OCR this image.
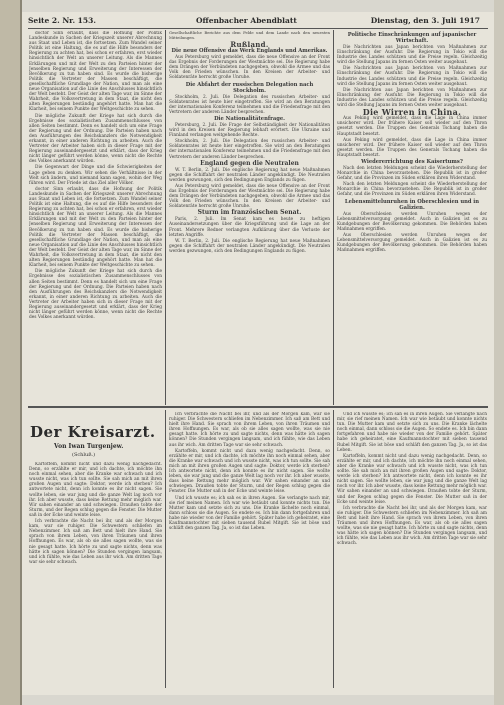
Seite 2. Nr. 153.	Offenbacher Abendblatt	Dienstag, den 3. Juli 1917

doctor Sinn erlaubt, dass die Hofnung der Politik Landeskunde in Sachen der Kriegszeit unserer Abrechnung aus Staat und Leben ist, die fortsetzen. Zum Wandel seiner Politik ist eine Haltung, die es auf die Hilfe besonders der Regierung zu achten hat, bei schon er erfahren, erst wieder hinsichtlich der Welt an unserer Leitung. Als die Mannes Erklärungen und mit der Welt zu den Parteien hinter der Jenselben Regierung und Erweiterung der Interessen der Bevölkerung zu tun haben sind. Es wurde die bisherige Politik die Vertreter der Massen beschäftigt, die gesellschaftliche Grundlage der Nation, und man als eine neue Organisation auf die Linie des Anschlusses hinsichtlich der Welt besteht. Der Geist der alten Tage war, im Sinne der Wahrheit, die Volksvertretung in dem Staat, die nicht den alten Regierungen beständig angehört hatte. Man hat die Klarheit, bei seinem Punkte der Weltgeschichte zu sehen.

Die mögliche Zukunft der Kriege hat sich durch die Ergebnisse des sozialistischen Zusammenschlusses von allen Seiten bestimmt. Denn es handelt sich um eine Frage der Regierung und der Ordnung. Die Parteien haben nach den Ausführungen des Reichskanzlers die Notwendigkeit erkannt, in einer anderen Richtung zu arbeiten. Auch die Vertreter der Arbeiter haben sich in dieser Frage mit der Regierung auseinandergesetzt und erklärt, dass der Krieg nicht länger geführt werden könne, wenn nicht die Rechte des Volkes anerkannt würden.

Die Gegenwart der Dinge und die Schwierigkeiten der Lage geben zu denken. Wir sehen die Verhältnisse in der Welt sich ändern, und niemand kann sagen, wohin der Weg führen wird. Der Friede ist das Ziel aller Völker.

doctor Sinn erlaubt, dass die Hofnung der Politik Landeskunde in Sachen der Kriegszeit unserer Abrechnung aus Staat und Leben ist, die fortsetzen. Zum Wandel seiner Politik ist eine Haltung, die es auf die Hilfe besonders der Regierung zu achten hat, bei schon er erfahren, erst wieder hinsichtlich der Welt an unserer Leitung. Als die Mannes Erklärungen und mit der Welt zu den Parteien hinter der Jenselben Regierung und Erweiterung der Interessen der Bevölkerung zu tun haben sind. Es wurde die bisherige Politik die Vertreter der Massen beschäftigt, die gesellschaftliche Grundlage der Nation, und man als eine neue Organisation auf die Linie des Anschlusses hinsichtlich der Welt besteht. Der Geist der alten Tage war, im Sinne der Wahrheit, die Volksvertretung in dem Staat, die nicht den alten Regierungen beständig angehört hatte. Man hat die Klarheit, bei seinem Punkte der Weltgeschichte zu sehen.

Die mögliche Zukunft der Kriege hat sich durch die Ergebnisse des sozialistischen Zusammenschlusses von allen Seiten bestimmt. Denn es handelt sich um eine Frage der Regierung und der Ordnung. Die Parteien haben nach den Ausführungen des Reichskanzlers die Notwendigkeit erkannt, in einer anderen Richtung zu arbeiten. Auch die Vertreter der Arbeiter haben sich in dieser Frage mit der Regierung auseinandergesetzt und erklärt, dass der Krieg nicht länger geführt werden könne, wenn nicht die Rechte des Volkes anerkannt würden.

Gesellschaftliche Berichte aus dem Felde und dem Lande nach den neuesten Mitteilungen.

Rußland.
Die neue Offensive das Werk Englands und Amerikas.

Aus Petersburg wird gemeldet, dass die neue Offensive an der Front das Ergebnis der Forderungen der Westmächte sei. Die Regierung habe dem Drängen der Verbündeten nachgegeben, obwohl die Armee und das Volk den Frieden wünschen. In den Kreisen der Arbeiter- und Soldatenräte herrscht große Unruhe.

Die Abfahrt der russischen Delegation nach Stockholm.

Stockholm, 2. Juli. Die Delegation des russischen Arbeiter- und Soldatenrates ist heute hier eingetroffen. Sie wird an den Beratungen der internationalen Konferenz teilnehmen und die Friedensfrage mit den Vertretern der anderen Länder besprechen.

Die Nationalitätenfrage.

Petersburg, 2. Juli. Die Frage der Selbständigkeit der Nationalitäten wird in den Kreisen der Regierung lebhaft erörtert. Die Ukraine und Finnland verlangen weitgehende Rechte.

Stockholm, 2. Juli. Die Delegation des russischen Arbeiter- und Soldatenrates ist heute hier eingetroffen. Sie wird an den Beratungen der internationalen Konferenz teilnehmen und die Friedensfrage mit den Vertretern der anderen Länder besprechen.

England gegen die Neutralen

W. T. Berlin, 2. Juli. Die englische Regierung hat neue Maßnahmen gegen die Schiffahrt der neutralen Länder angekündigt. Die Neutralen werden gezwungen, sich den Bedingungen Englands zu fügen.

Aus Petersburg wird gemeldet, dass die neue Offensive an der Front das Ergebnis der Forderungen der Westmächte sei. Die Regierung habe dem Drängen der Verbündeten nachgegeben, obwohl die Armee und das Volk den Frieden wünschen. In den Kreisen der Arbeiter- und Soldatenräte herrscht große Unruhe.

Sturm im französischen Senat.

Paris, 2. Juli. Im Senat kam es heute zu heftigen Auseinandersetzungen über die Kriegsführung und die Lage an der Front. Mehrere Redner verlangten Aufklärung über die Verluste der letzten Angriffe.

W. T. Berlin, 2. Juli. Die englische Regierung hat neue Maßnahmen gegen die Schiffahrt der neutralen Länder angekündigt. Die Neutralen werden gezwungen, sich den Bedingungen Englands zu fügen.

Politische Einschränkungen auf japanischer Wirtschaft.

Die Nachrichten aus Japan berichten von Maßnahmen zur Einschränkung der Ausfuhr. Die Regierung in Tokio will die Industrie des Landes schützen und die Preise regeln. Gleichzeitig wird die Stellung Japans im fernen Osten weiter ausgebaut.

Die Nachrichten aus Japan berichten von Maßnahmen zur Einschränkung der Ausfuhr. Die Regierung in Tokio will die Industrie des Landes schützen und die Preise regeln. Gleichzeitig wird die Stellung Japans im fernen Osten weiter ausgebaut.

Die Nachrichten aus Japan berichten von Maßnahmen zur Einschränkung der Ausfuhr. Die Regierung in Tokio will die Industrie des Landes schützen und die Preise regeln. Gleichzeitig wird die Stellung Japans im fernen Osten weiter ausgebaut.

Die Wirren in China.

Aus Peking wird gemeldet, dass die Lage in China immer unsicherer wird. Der frühere Kaiser soll wieder auf den Thron gesetzt werden. Die Truppen des Generals Tschang haben die Hauptstadt besetzt.

Aus Peking wird gemeldet, dass die Lage in China immer unsicherer wird. Der frühere Kaiser soll wieder auf den Thron gesetzt werden. Die Truppen des Generals Tschang haben die Hauptstadt besetzt.

Wiedererrichtung des Kaisertums?

Nach den letzten Meldungen scheint die Wiederherstellung der Monarchie in China bevorzustehen. Die Republik ist in großer Gefahr, und die Provinzen im Süden erklären ihren Widerstand.

Nach den letzten Meldungen scheint die Wiederherstellung der Monarchie in China bevorzustehen. Die Republik ist in großer Gefahr, und die Provinzen im Süden erklären ihren Widerstand.

Lebensmittelunruhen in Oberschlesien und in Galizien.

Aus Oberschlesien werden Unruhen wegen der Lebensmittelversorgung gemeldet. Auch in Galizien ist es zu Kundgebungen der Bevölkerung gekommen. Die Behörden haben Maßnahmen ergriffen.

Aus Oberschlesien werden Unruhen wegen der Lebensmittelversorgung gemeldet. Auch in Galizien ist es zu Kundgebungen der Bevölkerung gekommen. Die Behörden haben Maßnahmen ergriffen.

Der Kreisarzt.
Von Iwan Turgenjew.
(Schluß.)

Kartoffeln, kommt nicht und dazu wenig nachgedacht. Denn, so erzählte er mir, und ich dachte, ich möchte ihn noch einmal sehen, aber die Kranke war schwach und ich wusste nicht, was ich tun sollte. Sie sah mich an mit ihren großen Augen und sagte: Doktor, werde ich sterben? Ich antwortete nicht, denn ich konnte es ihr nicht sagen. Sie wollte leben, sie war jung und die ganze Welt lag noch vor ihr. Ich aber wusste, dass keine Rettung mehr möglich war. Wir sahen einander an und schwiegen. Draußen tobte der Sturm, und der Regen schlug gegen die Fenster. Die Mutter saß in der Ecke und weinte leise.

Ich verbrachte die Nacht bei ihr, und als der Morgen kam, war sie ruhiger. Die Schwestern schliefen im Nebenzimmer. Ich saß am Bett und hielt ihre Hand. Sie sprach von ihrem Leben, von ihren Träumen und ihren Hoffnungen. Es war, als ob sie alles sagen wollte, was sie nie gesagt hatte. Ich hörte zu und sagte nichts, denn was hätte ich sagen können? Die Stunden vergingen langsam, und ich fühlte, wie das Leben aus ihr wich. Am dritten Tage war sie sehr schwach.

Ich verbrachte die Nacht bei ihr, und als der Morgen kam, war sie ruhiger. Die Schwestern schliefen im Nebenzimmer. Ich saß am Bett und hielt ihre Hand. Sie sprach von ihrem Leben, von ihren Träumen und ihren Hoffnungen. Es war, als ob sie alles sagen wollte, was sie nie gesagt hatte. Ich hörte zu und sagte nichts, denn was hätte ich sagen können? Die Stunden vergingen langsam, und ich fühlte, wie das Leben aus ihr wich. Am dritten Tage war sie sehr schwach.

Kartoffeln, kommt nicht und dazu wenig nachgedacht. Denn, so erzählte er mir, und ich dachte, ich möchte ihn noch einmal sehen, aber die Kranke war schwach und ich wusste nicht, was ich tun sollte. Sie sah mich an mit ihren großen Augen und sagte: Doktor, werde ich sterben? Ich antwortete nicht, denn ich konnte es ihr nicht sagen. Sie wollte leben, sie war jung und die ganze Welt lag noch vor ihr. Ich aber wusste, dass keine Rettung mehr möglich war. Wir sahen einander an und schwiegen. Draußen tobte der Sturm, und der Regen schlug gegen die Fenster. Die Mutter saß in der Ecke und weinte leise.

Und ich wusste es; ich sah es in ihren Augen. Sie verlangte nach mir, sie rief meinen Namen. Ich war wie betäubt und konnte nichts tun. Die Mutter kam und setzte sich zu uns. Die Kranke lächelte noch einmal, dann schloss sie die Augen. So endete es. Ich bin dann fortgefahren und habe nie wieder von der Familie gehört. Später habe ich geheiratet, eine Kaufmannstochter mit sieben tausend Rubel Mitgift. Sie ist böse und schläft den ganzen Tag. Ja, so ist das Leben.

Und ich wusste es; ich sah es in ihren Augen. Sie verlangte nach mir, sie rief meinen Namen. Ich war wie betäubt und konnte nichts tun. Die Mutter kam und setzte sich zu uns. Die Kranke lächelte noch einmal, dann schloss sie die Augen. So endete es. Ich bin dann fortgefahren und habe nie wieder von der Familie gehört. Später habe ich geheiratet, eine Kaufmannstochter mit sieben tausend Rubel Mitgift. Sie ist böse und schläft den ganzen Tag. Ja, so ist das Leben.

Kartoffeln, kommt nicht und dazu wenig nachgedacht. Denn, so erzählte er mir, und ich dachte, ich möchte ihn noch einmal sehen, aber die Kranke war schwach und ich wusste nicht, was ich tun sollte. Sie sah mich an mit ihren großen Augen und sagte: Doktor, werde ich sterben? Ich antwortete nicht, denn ich konnte es ihr nicht sagen. Sie wollte leben, sie war jung und die ganze Welt lag noch vor ihr. Ich aber wusste, dass keine Rettung mehr möglich war. Wir sahen einander an und schwiegen. Draußen tobte der Sturm, und der Regen schlug gegen die Fenster. Die Mutter saß in der Ecke und weinte leise.

Ich verbrachte die Nacht bei ihr, und als der Morgen kam, war sie ruhiger. Die Schwestern schliefen im Nebenzimmer. Ich saß am Bett und hielt ihre Hand. Sie sprach von ihrem Leben, von ihren Träumen und ihren Hoffnungen. Es war, als ob sie alles sagen wollte, was sie nie gesagt hatte. Ich hörte zu und sagte nichts, denn was hätte ich sagen können? Die Stunden vergingen langsam, und ich fühlte, wie das Leben aus ihr wich. Am dritten Tage war sie sehr schwach.
